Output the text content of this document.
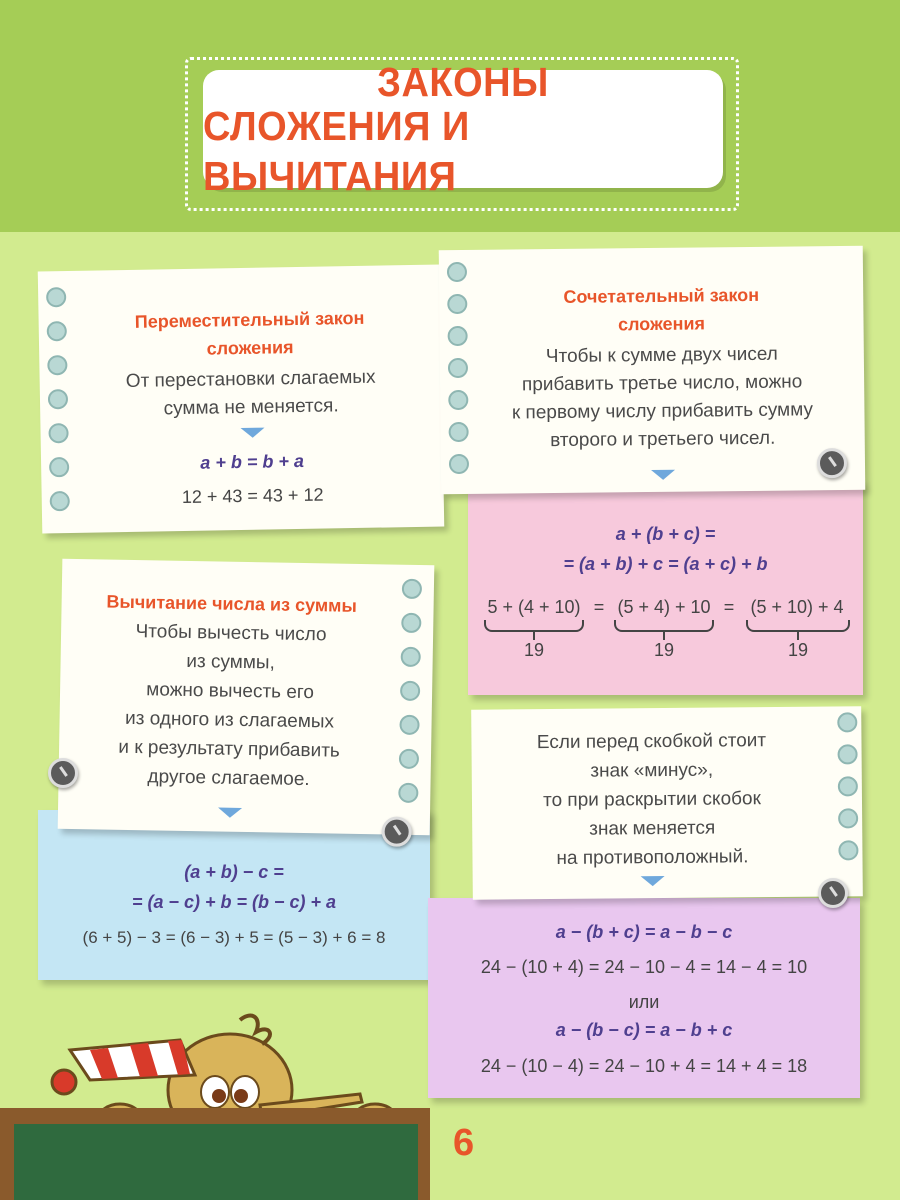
ЗАКОНЫ
СЛОЖЕНИЯ И ВЫЧИТАНИЯ
a + (b + c) =
= (a + b) + c = (a + c) + b
5 + (4 + 10) = (5 + 4) + 10 = (5 + 10) + 4
19	19	19
(a + b) − c =
= (a − c) + b = (b − c) + a
(6 + 5) − 3 = (6 − 3) + 5 = (5 − 3) + 6 = 8	a − (b + c) = a − b − c
24 − (10 + 4) = 24 − 10 − 4 = 14 − 4 = 10
или
a − (b − c) = a − b + c
24 − (10 − 4) = 24 − 10 + 4 = 14 + 4 = 18
Переместительный закон
сложения
От перестановки слагаемых
сумма не меняется.
a + b = b + a
12 + 43 = 43 + 12
Сочетательный закон
сложения
Чтобы к сумме двух чисел
прибавить третье число, можно
к первому числу прибавить сумму
второго и третьего чисел.
Вычитание числа из суммы
Чтобы вычесть число
из суммы,
можно вычесть его
из одного из слагаемых
и к результату прибавить
другое слагаемое.
Если перед скобкой стоит
знак «минус»,
то при раскрытии скобок
знак меняется
на противоположный.
6
